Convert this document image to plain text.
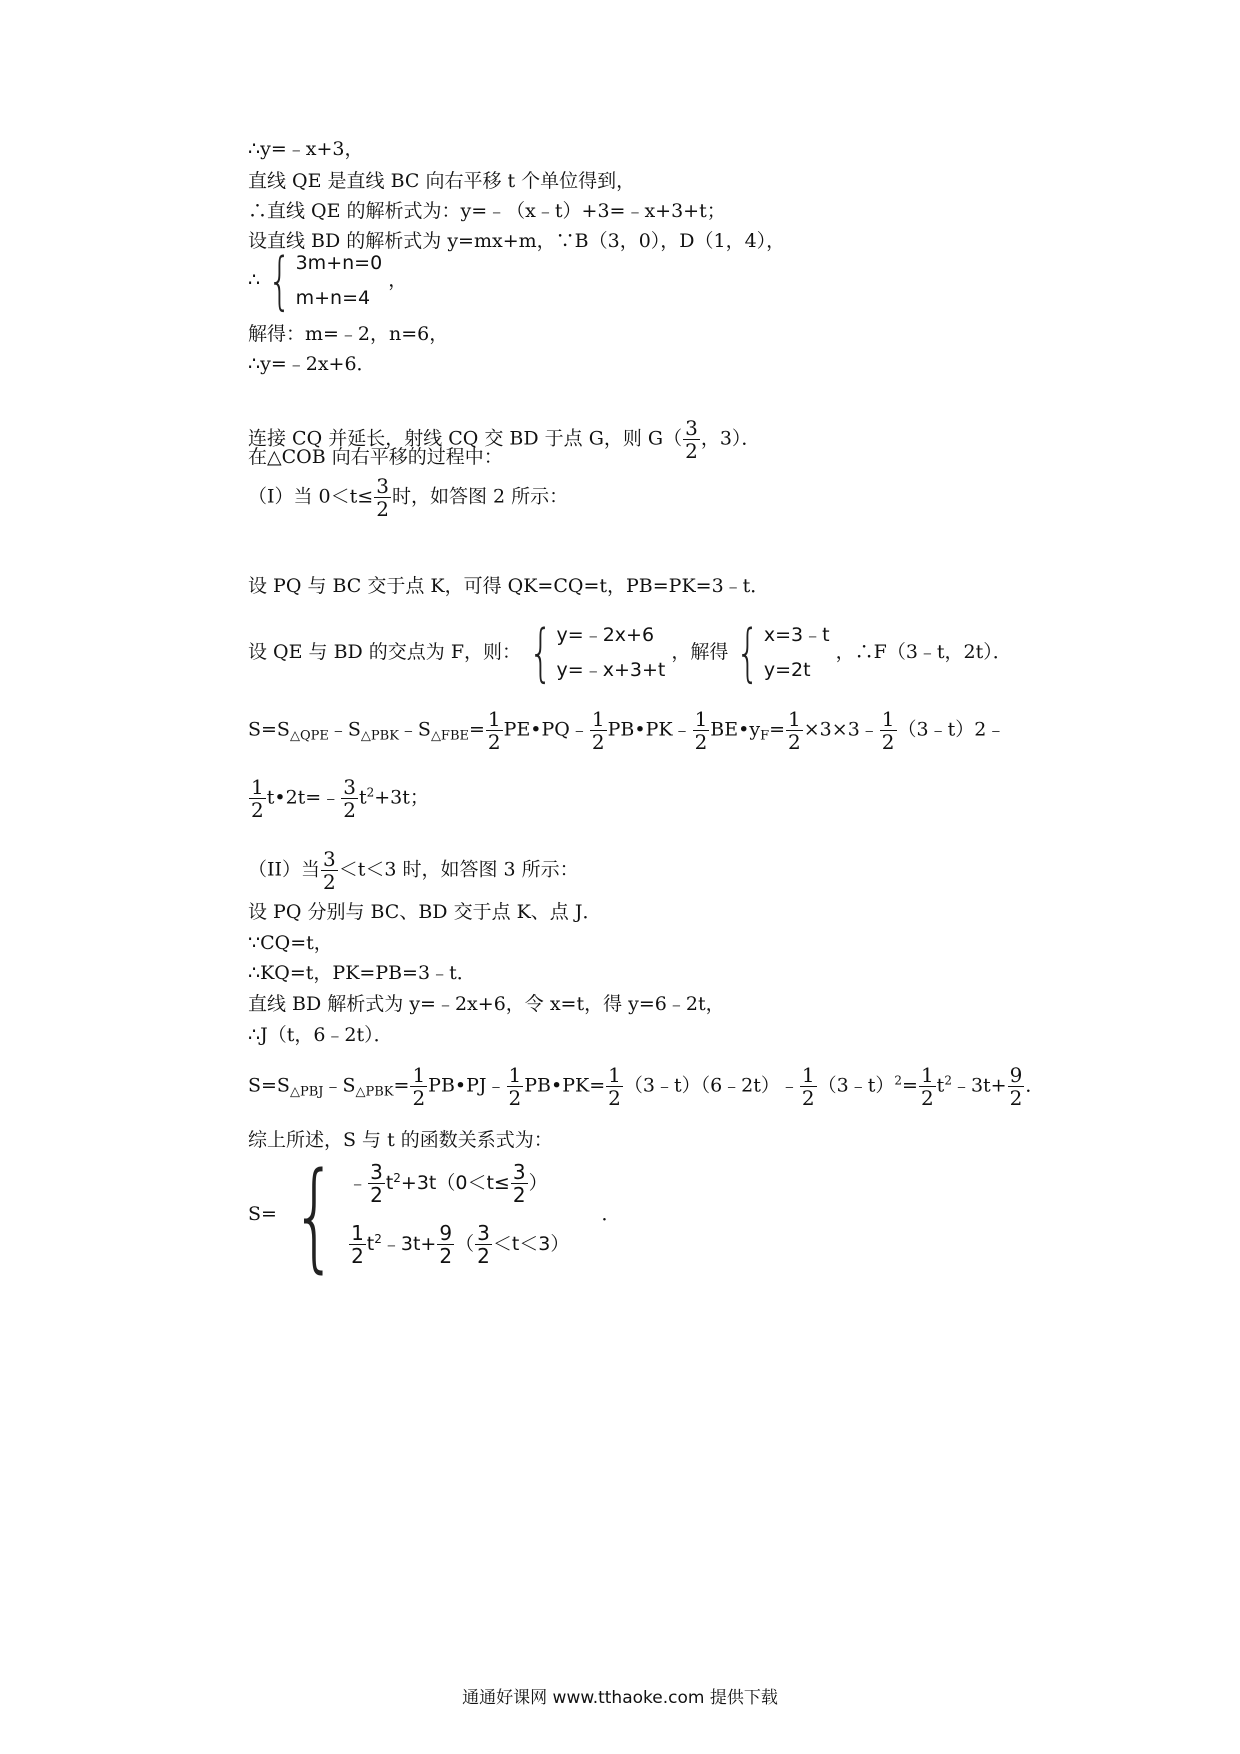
∴y=﹣x+3，
直线 QE 是直线 BC 向右平移 t 个单位得到，
∴直线 QE 的解析式为：y=﹣（x﹣t）+3=﹣x+3+t；
设直线 BD 的解析式为 y=mx+m，∵B（3，0），D（1，4），
∴ { 3m+n=0
m+n=4
，
解得：m=﹣2，n=6，
∴y=﹣2x+6．
连接 CQ 并延长，射线 CQ 交 BD 于点 G，则 $G( \frac{3}{2}$ ，3）．
在△COB 向右平移的过程中：
（I）当 $0<t\le \frac{3}{2}$ 时，如答图 2 所示：
设 PQ 与 BC 交于点 K，可得 QK=CQ=t，PB=PK=3﹣t．
设 QE 与 BD 的交点为 F，则： { y=﹣2x+6
y=﹣x+3+t
，解得 { x=3﹣t
y=2t
，∴F（3﹣t，2t）．
$S=S_{\triangle QPE}﹣S_{\triangle PBK}﹣S_{\triangle FBE}= \frac{1}{2}$ PE•PQ﹣ $\frac{1}{2}$ PB•PK﹣ $\frac{1}{2}$ $BE•y_F= \frac{1}{2}$ ×3×3﹣ $\frac{1}{2}$ （3﹣t）2﹣
$\frac{1}{2}$ t•2t=﹣ $\frac{3}{2} t^2+3t$；
（II）当 $\frac{3}{2} <t<3$ 时，如答图 3 所示：
设 PQ 分别与 BC、BD 交于点 K、点 J．
∵CQ=t，
∴KQ=t，PK=PB=3﹣t．
直线 BD 解析式为 y=﹣2x+6，令 x=t，得 y=6﹣2t，
∴J（t，6﹣2t）．
$S=S_{\triangle PBJ}﹣S_{\triangle PBK}= \frac{1}{2}$ PB•PJ﹣ $\frac{1}{2}$ PB•PK= $\frac{1}{2}$ （3﹣t）（6﹣2t）﹣ $\frac{1}{2}$ （3﹣t）$^2$= $\frac{1}{2}$ $t^2﹣3t+ \frac{9}{2}$ ．
综上所述，S 与 t 的函数关系式为：
S= { ﹣ $\frac{3}{2} t^2+3t(0<t\le \frac{3}{2}$ ）
$\frac{1}{2}$ $t^2﹣3t+ \frac{9}{2}$ （ $\frac{3}{2} <t<3$）
．
通通好课网 www.tthaoke.com 提供下载
